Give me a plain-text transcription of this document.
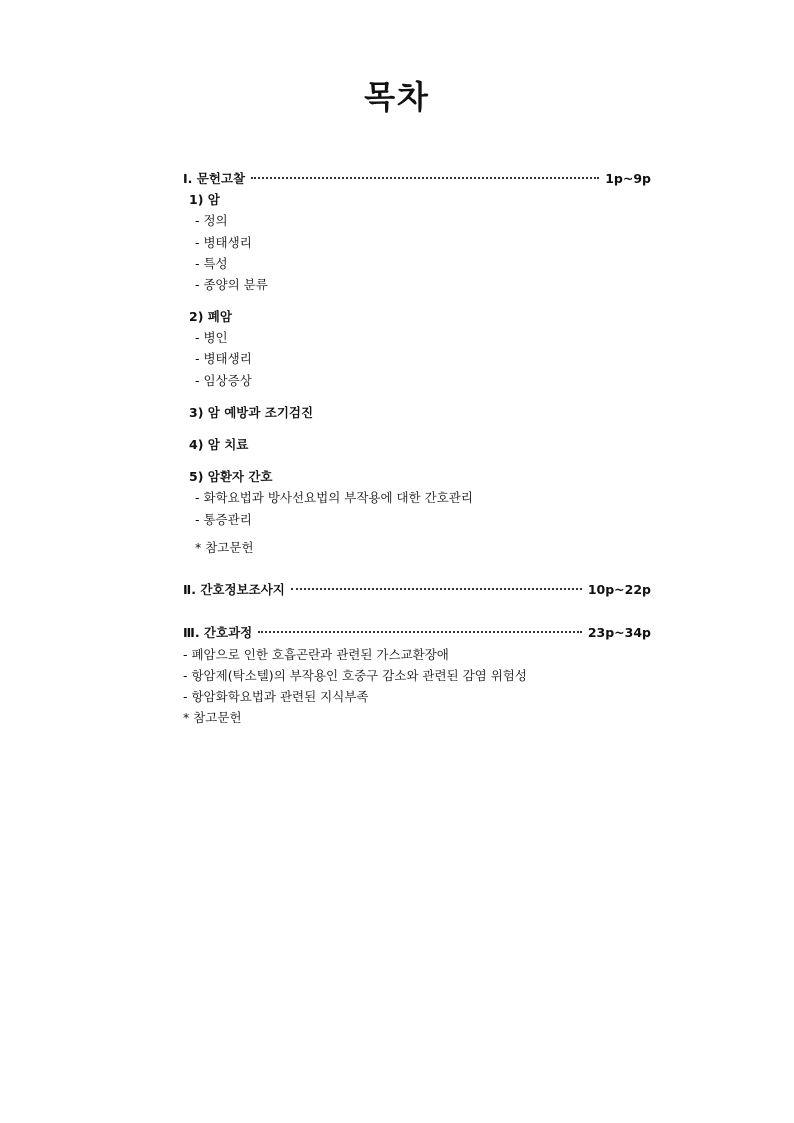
목차
Ⅰ. 문헌고찰	1p~9p
1) 암
- 정의
- 병태생리
- 특성
- 종양의 분류
2) 폐암
- 병인
- 병태생리
- 임상증상
3) 암 예방과 조기검진
4) 암 치료
5) 암환자 간호
- 화학요법과 방사선요법의 부작용에 대한 간호관리
- 통증관리
* 참고문헌
Ⅱ. 간호정보조사지	10p~22p
Ⅲ. 간호과정	23p~34p
- 폐암으로 인한 호흡곤란과 관련된 가스교환장애
- 항암제(탁소텔)의 부작용인 호중구 감소와 관련된 감염 위험성
- 항암화학요법과 관련된 지식부족
* 참고문헌
